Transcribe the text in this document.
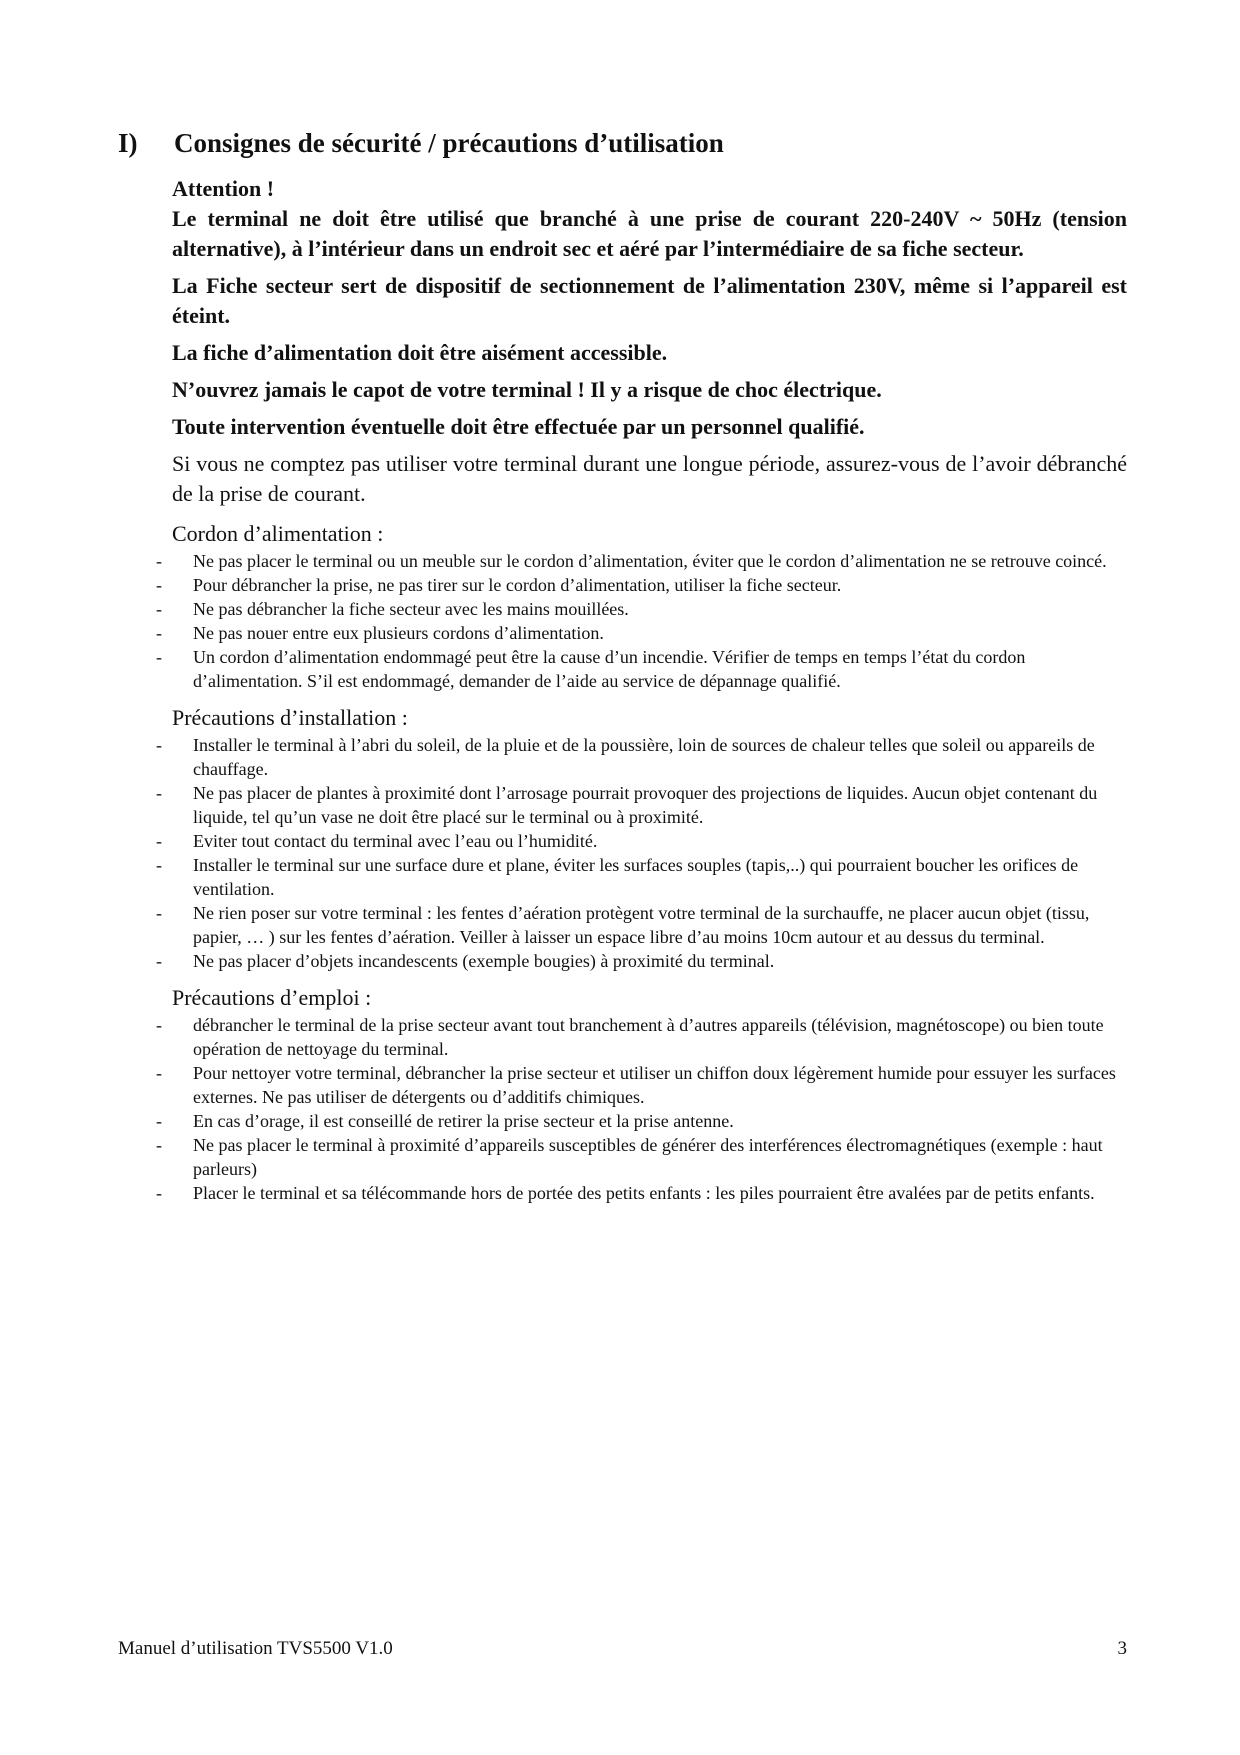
I) Consignes de sécurité / précautions d’utilisation

Attention !

Le terminal ne doit être utilisé que branché à une prise de courant 220-240V ~ 50Hz (tension alternative), à l’intérieur dans un endroit sec et aéré par l’intermédiaire de sa fiche secteur.

La Fiche secteur sert de dispositif de sectionnement de l’alimentation 230V, même si l’appareil est éteint.

La fiche d’alimentation doit être aisément accessible.

N’ouvrez jamais le capot de votre terminal ! Il y a risque de choc électrique.

Toute intervention éventuelle doit être effectuée par un personnel qualifié.

Si vous ne comptez pas utiliser votre terminal durant une longue période, assurez-vous de l’avoir débranché de la prise de courant.

Cordon d’alimentation :

- Ne pas placer le terminal ou un meuble sur le cordon d’alimentation, éviter que le cordon d’alimentation ne se retrouve coincé.
- Pour débrancher la prise, ne pas tirer sur le cordon d’alimentation, utiliser la fiche secteur.
- Ne pas débrancher la fiche secteur avec les mains mouillées.
- Ne pas nouer entre eux plusieurs cordons d’alimentation.
- Un cordon d’alimentation endommagé peut être la cause d’un incendie. Vérifier de temps en temps l’état du cordon d’alimentation. S’il est endommagé, demander de l’aide au service de dépannage qualifié.

Précautions d’installation :

- Installer le terminal à l’abri du soleil, de la pluie et de la poussière, loin de sources de chaleur telles que soleil ou appareils de chauffage.
- Ne pas placer de plantes à proximité dont l’arrosage pourrait provoquer des projections de liquides. Aucun objet contenant du liquide, tel qu’un vase ne doit être placé sur le terminal ou à proximité.
- Eviter tout contact du terminal avec l’eau ou l’humidité.
- Installer le terminal sur une surface dure et plane, éviter les surfaces souples (tapis,..) qui pourraient boucher les orifices de ventilation.
- Ne rien poser sur votre terminal : les fentes d’aération protègent votre terminal de la surchauffe, ne placer aucun objet (tissu, papier, … ) sur les fentes d’aération. Veiller à laisser un espace libre d’au moins 10cm autour et au dessus du terminal.
- Ne pas placer d’objets incandescents (exemple bougies) à proximité du terminal.

Précautions d’emploi :

- débrancher le terminal de la prise secteur avant tout branchement à d’autres appareils (télévision, magnétoscope) ou bien toute opération de nettoyage du terminal.
- Pour nettoyer votre terminal, débrancher la prise secteur et utiliser un chiffon doux légèrement humide pour essuyer les surfaces externes. Ne pas utiliser de détergents ou d’additifs chimiques.
- En cas d’orage, il est conseillé de retirer la prise secteur et la prise antenne.
- Ne pas placer le terminal à proximité d’appareils susceptibles de générer des interférences électromagnétiques (exemple : haut parleurs)
- Placer le terminal et sa télécommande hors de portée des petits enfants : les piles pourraient être avalées par de petits enfants.
Manuel d’utilisation TVS5500 V1.0	3
